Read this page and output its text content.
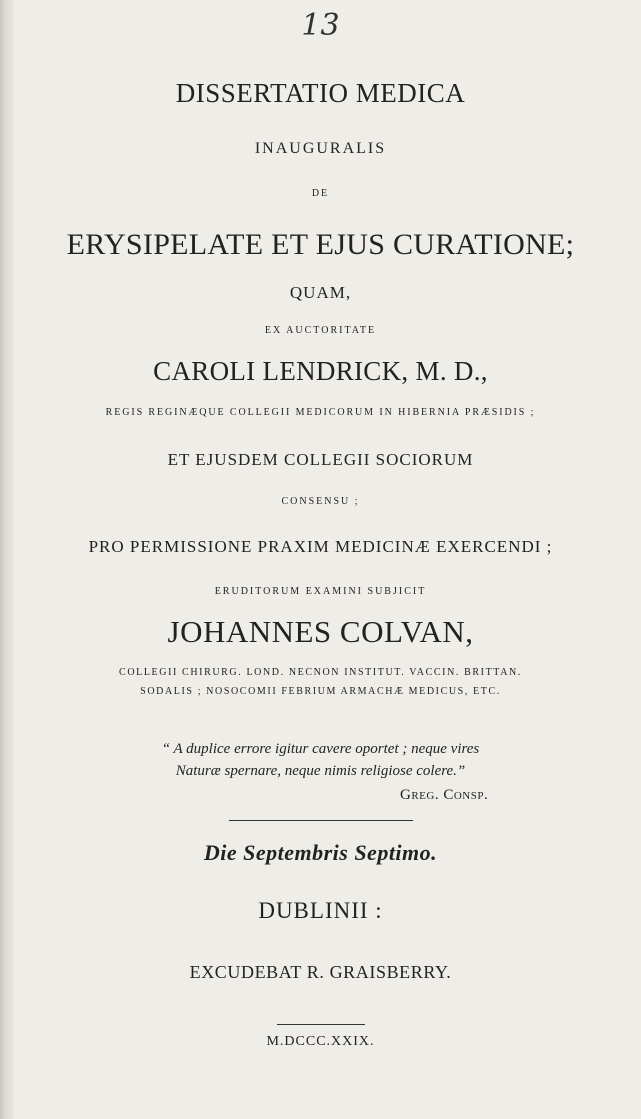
13
DISSERTATIO MEDICA
INAUGURALIS
DE
ERYSIPELATE ET EJUS CURATIONE;
QUAM,
EX AUCTORITATE
CAROLI LENDRICK, M. D.,
REGIS REGINÆQUE COLLEGII MEDICORUM IN HIBERNIA PRÆSIDIS ;
ET EJUSDEM COLLEGII SOCIORUM
CONSENSU ;
PRO PERMISSIONE PRAXIM MEDICINÆ EXERCENDI ;
ERUDITORUM EXAMINI SUBJICIT
JOHANNES COLVAN,
COLLEGII CHIRURG. LOND. NECNON INSTITUT. VACCIN. BRITTAN.
SODALIS ; NOSOCOMII FEBRIUM ARMACHÆ MEDICUS, ETC.
“ A duplice errore igitur cavere oportet ; neque vires
Naturæ spernare, neque nimis religiose colere.”
Greg. Consp.
Die Septembris Septimo.
DUBLINII :
EXCUDEBAT R. GRAISBERRY.
M.DCCC.XXIX.
